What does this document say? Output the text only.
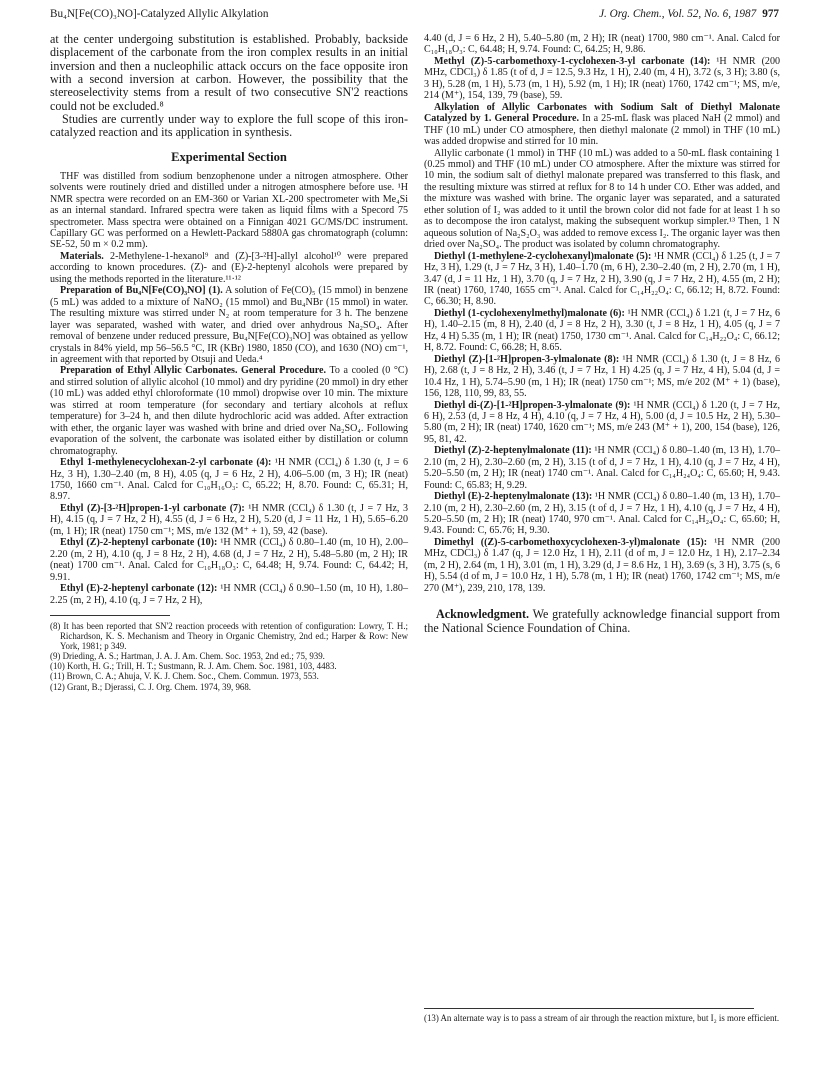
Bu₄N[Fe(CO)₃NO]-Catalyzed Allylic Alkylation	J. Org. Chem., Vol. 52, No. 6, 1987 977

at the center undergoing substitution is established. Probably, backside displacement of the carbonate from the iron complex results in an initial inversion and then a nucleophilic attack occurs on the face opposite iron with a second inversion at carbon. However, the possibility that the stereoselectivity stems from a result of two consecutive SN'2 reactions could not be excluded.⁸

Studies are currently under way to explore the full scope of this iron-catalyzed reaction and its application in synthesis.

Experimental Section

THF was distilled from sodium benzophenone under a nitrogen atmosphere. Other solvents were routinely dried and distilled under a nitrogen atmosphere before use. ¹H NMR spectra were recorded on an EM-360 or Varian XL-200 spectrometer with Me₄Si as an internal standard. Infrared spectra were taken as liquid films with a Specord 75 spectrometer. Mass spectra were obtained on a Finnigan 4021 GC/MS/DC instrument. Capillary GC was performed on a Hewlett-Packard 5880A gas chromatograph (column: SE-52, 50 m × 0.2 mm).

Materials. 2-Methylene-1-hexanol⁹ and (Z)-[3-²H]-allyl alcohol¹⁰ were prepared according to known procedures. (Z)- and (E)-2-heptenyl alcohols were prepared by using the methods reported in the literature.¹¹·¹²

Preparation of Bu₄N[Fe(CO)₃NO] (1). A solution of Fe(CO)₅ (15 mmol) in benzene (5 mL) was added to a mixture of NaNO₂ (15 mmol) and Bu₄NBr (15 mmol) in water. The resulting mixture was stirred under N₂ at room temperature for 3 h. The benzene layer was separated, washed with water, and dried over anhydrous Na₂SO₄. After removal of benzene under reduced pressure, Bu₄N[Fe(CO)₃NO] was obtained as yellow crystals in 84% yield, mp 56–56.5 °C, IR (KBr) 1980, 1850 (CO), and 1630 (NO) cm⁻¹, in agreement with that reported by Otsuji and Ueda.⁴

Preparation of Ethyl Allylic Carbonates. General Procedure. To a cooled (0 °C) and stirred solution of allylic alcohol (10 mmol) and dry pyridine (20 mmol) in dry ether (10 mL) was added ethyl chloroformate (10 mmol) dropwise over 10 min. The mixture was stirred at room temperature (for secondary and tertiary alcohols at reflux temperature) for 3–24 h, and then dilute hydrochloric acid was added. After extraction with ether, the organic layer was washed with brine and dried over Na₂SO₄. Following evaporation of the solvent, the carbonate was isolated either by distillation or column chromatography.

Ethyl 1-methylenecyclohexan-2-yl carbonate (4): ¹H NMR (CCl₄) δ 1.30 (t, J = 6 Hz, 3 H), 1.30–2.40 (m, 8 H), 4.05 (q, J = 6 Hz, 2 H), 4.06–5.00 (m, 3 H); IR (neat) 1750, 1660 cm⁻¹. Anal. Calcd for C₁₀H₁₆O₃: C, 65.22; H, 8.70. Found: C, 65.31; H, 8.97.

Ethyl (Z)-[3-²H]propen-1-yl carbonate (7): ¹H NMR (CCl₄) δ 1.30 (t, J = 7 Hz, 3 H), 4.15 (q, J = 7 Hz, 2 H), 4.55 (d, J = 6 Hz, 2 H), 5.20 (d, J = 11 Hz, 1 H), 5.65–6.20 (m, 1 H); IR (neat) 1750 cm⁻¹; MS, m/e 132 (M⁺ + 1), 59, 42 (base).

Ethyl (Z)-2-heptenyl carbonate (10): ¹H NMR (CCl₄) δ 0.80–1.40 (m, 10 H), 2.00–2.20 (m, 2 H), 4.10 (q, J = 8 Hz, 2 H), 4.68 (d, J = 7 Hz, 2 H), 5.48–5.80 (m, 2 H); IR (neat) 1700 cm⁻¹. Anal. Calcd for C₁₀H₁₈O₃: C, 64.48; H, 9.74. Found: C, 64.42; H, 9.91.

Ethyl (E)-2-heptenyl carbonate (12): ¹H NMR (CCl₄) δ 0.90–1.50 (m, 10 H), 1.80–2.25 (m, 2 H), 4.10 (q, J = 7 Hz, 2 H),

(8) It has been reported that SN'2 reaction proceeds with retention of configuration: Lowry, T. H.; Richardson, K. S. Mechanism and Theory in Organic Chemistry, 2nd ed.; Harper & Row: New York, 1981; p 349.

(9) Drieding, A. S.; Hartman, J. A. J. Am. Chem. Soc. 1953, 2nd ed.; 75, 939.

(10) Korth, H. G.; Trill, H. T.; Sustmann, R. J. Am. Chem. Soc. 1981, 103, 4483.

(11) Brown, C. A.; Ahuja, V. K. J. Chem. Soc., Chem. Commun. 1973, 553.

(12) Grant, B.; Djerassi, C. J. Org. Chem. 1974, 39, 968.

4.40 (d, J = 6 Hz, 2 H), 5.40–5.80 (m, 2 H); IR (neat) 1700, 980 cm⁻¹. Anal. Calcd for C₁₀H₁₈O₃: C, 64.48; H, 9.74. Found: C, 64.25; H, 9.86.

Methyl (Z)-5-carbomethoxy-1-cyclohexen-3-yl carbonate (14): ¹H NMR (200 MHz, CDCl₃) δ 1.85 (t of d, J = 12.5, 9.3 Hz, 1 H), 2.40 (m, 4 H), 3.72 (s, 3 H); 3.80 (s, 3 H), 5.28 (m, 1 H), 5.73 (m, 1 H), 5.92 (m, 1 H); IR (neat) 1760, 1742 cm⁻¹; MS, m/e, 214 (M⁺), 154, 139, 79 (base), 59.

Alkylation of Allylic Carbonates with Sodium Salt of Diethyl Malonate Catalyzed by 1. General Procedure. In a 25-mL flask was placed NaH (2 mmol) and THF (10 mL) under CO atmosphere, then diethyl malonate (2 mmol) in THF (10 mL) was added dropwise and stirred for 10 min.

Allylic carbonate (1 mmol) in THF (10 mL) was added to a 50-mL flask containing 1 (0.25 mmol) and THF (10 mL) under CO atmosphere. After the mixture was stirred for 10 min, the sodium salt of diethyl malonate prepared was transferred to this flask, and the resulting mixture was stirred at reflux for 8 to 14 h under CO. Ether was added, and the mixture was washed with brine. The organic layer was separated, and a saturated ether solution of I₂ was added to it until the brown color did not fade for at least 1 h so as to decompose the iron catalyst, making the subsequent workup simpler.¹³ Then, 1 N aqueous solution of Na₂S₂O₃ was added to remove excess I₂. The organic layer was then dried over Na₂SO₄. The product was isolated by column chromatography.

Diethyl (1-methylene-2-cyclohexanyl)malonate (5): ¹H NMR (CCl₄) δ 1.25 (t, J = 7 Hz, 3 H), 1.29 (t, J = 7 Hz, 3 H), 1.40–1.70 (m, 6 H), 2.30–2.40 (m, 2 H), 2.70 (m, 1 H), 3.47 (d, J = 11 Hz, 1 H), 3.70 (q, J = 7 Hz, 2 H), 3.90 (q, J = 7 Hz, 2 H), 4.55 (m, 2 H); IR (neat) 1760, 1740, 1655 cm⁻¹. Anal. Calcd for C₁₄H₂₂O₄: C, 66.12; H, 8.72. Found: C, 66.30; H, 8.90.

Diethyl (1-cyclohexenylmethyl)malonate (6): ¹H NMR (CCl₄) δ 1.21 (t, J = 7 Hz, 6 H), 1.40–2.15 (m, 8 H), 2.40 (d, J = 8 Hz, 2 H), 3.30 (t, J = 8 Hz, 1 H), 4.05 (q, J = 7 Hz, 4 H) 5.35 (m, 1 H); IR (neat) 1750, 1730 cm⁻¹. Anal. Calcd for C₁₄H₂₂O₄: C, 66.12; H, 8.72. Found: C, 66.28; H, 8.65.

Diethyl (Z)-[1-²H]propen-3-ylmalonate (8): ¹H NMR (CCl₄) δ 1.30 (t, J = 8 Hz, 6 H), 2.68 (t, J = 8 Hz, 2 H), 3.46 (t, J = 7 Hz, 1 H) 4.25 (q, J = 7 Hz, 4 H), 5.04 (d, J = 10.4 Hz, 1 H), 5.74–5.90 (m, 1 H); IR (neat) 1750 cm⁻¹; MS, m/e 202 (M⁺ + 1) (base), 156, 128, 110, 99, 83, 55.

Diethyl di-(Z)-[1-²H]propen-3-ylmalonate (9): ¹H NMR (CCl₄) δ 1.20 (t, J = 7 Hz, 6 H), 2.53 (d, J = 8 Hz, 4 H), 4.10 (q, J = 7 Hz, 4 H), 5.00 (d, J = 10.5 Hz, 2 H), 5.30–5.80 (m, 2 H); IR (neat) 1740, 1620 cm⁻¹; MS, m/e 243 (M⁺ + 1), 200, 154 (base), 126, 95, 81, 42.

Diethyl (Z)-2-heptenylmalonate (11): ¹H NMR (CCl₄) δ 0.80–1.40 (m, 13 H), 1.70–2.10 (m, 2 H), 2.30–2.60 (m, 2 H), 3.15 (t of d, J = 7 Hz, 1 H), 4.10 (q, J = 7 Hz, 4 H), 5.20–5.50 (m, 2 H); IR (neat) 1740 cm⁻¹. Anal. Calcd for C₁₄H₂₄O₄: C, 65.60; H, 9.43. Found: C, 65.83; H, 9.29.

Diethyl (E)-2-heptenylmalonate (13): ¹H NMR (CCl₄) δ 0.80–1.40 (m, 13 H), 1.70–2.10 (m, 2 H), 2.30–2.60 (m, 2 H), 3.15 (t of d, J = 7 Hz, 1 H), 4.10 (q, J = 7 Hz, 4 H), 5.20–5.50 (m, 2 H); IR (neat) 1740, 970 cm⁻¹. Anal. Calcd for C₁₄H₂₄O₄: C, 65.60; H, 9.43. Found: C, 65.76; H, 9.30.

Dimethyl ((Z)-5-carbomethoxycyclohexen-3-yl)malonate (15): ¹H NMR (200 MHz, CDCl₃) δ 1.47 (q, J = 12.0 Hz, 1 H), 2.11 (d of m, J = 12.0 Hz, 1 H), 2.17–2.34 (m, 2 H), 2.64 (m, 1 H), 3.01 (m, 1 H), 3.29 (d, J = 8.6 Hz, 1 H), 3.69 (s, 3 H), 3.75 (s, 6 H), 5.54 (d of m, J = 10.0 Hz, 1 H), 5.78 (m, 1 H); IR (neat) 1760, 1742 cm⁻¹; MS, m/e 270 (M⁺), 239, 210, 178, 139.

Acknowledgment. We gratefully acknowledge financial support from the National Science Foundation of China.

(13) An alternate way is to pass a stream of air through the reaction mixture, but I₂ is more efficient.
